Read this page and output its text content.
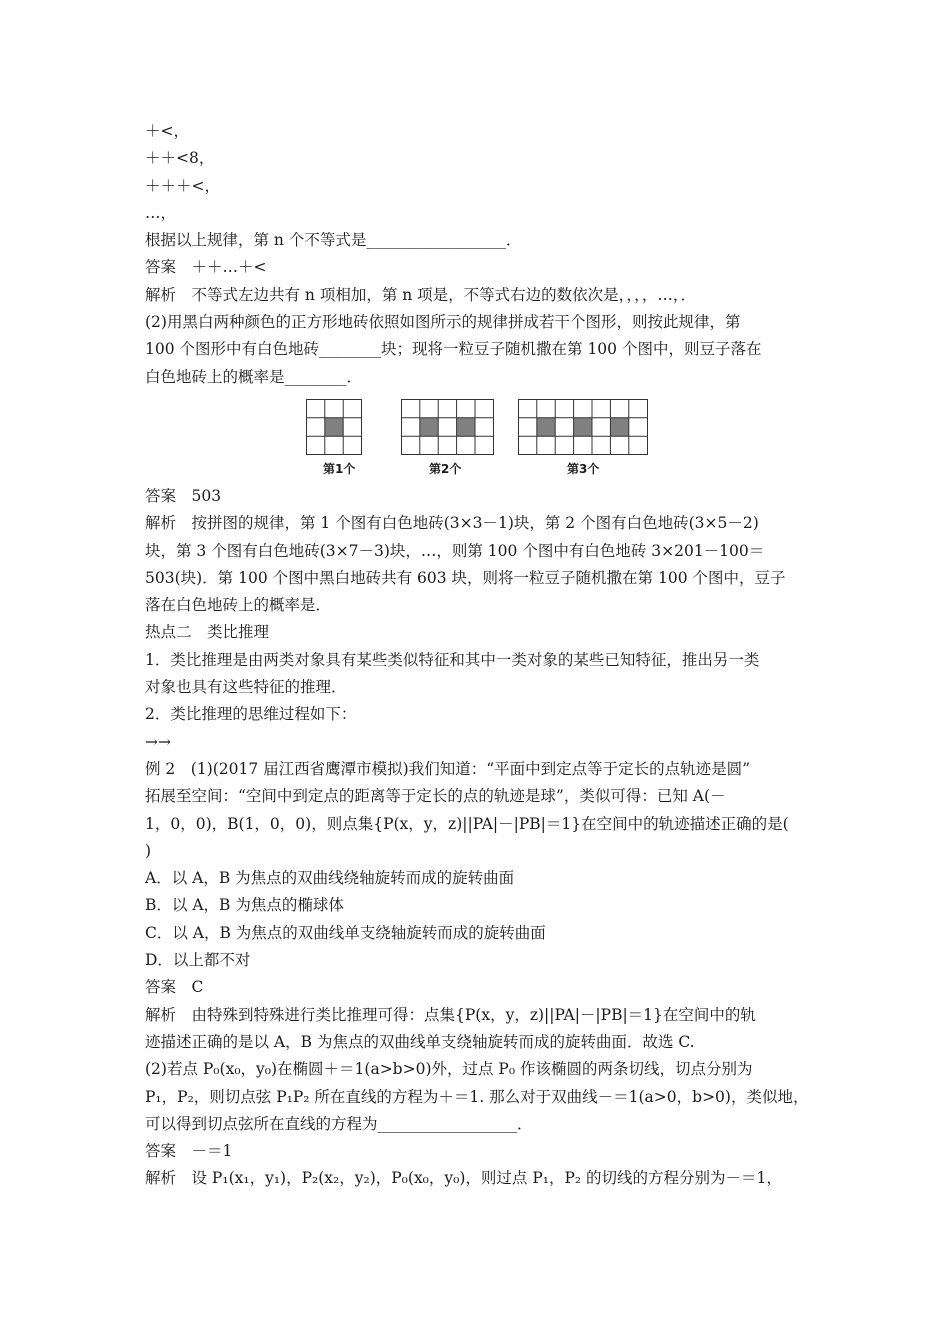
＋<，
＋＋<8，
＋＋＋<，
…，
根据以上规律，第 n 个不等式是__________________．
答案　＋＋…＋<
解析　不等式左边共有 n 项相加，第 n 项是，不等式右边的数依次是，，，，…，．
(2)用黑白两种颜色的正方形地砖依照如图所示的规律拼成若干个图形，则按此规律，第
100 个图形中有白色地砖________块；现将一粒豆子随机撒在第 100 个图中，则豆子落在
白色地砖上的概率是________．
第1个	第2个	第3个
答案　503
解析　按拼图的规律，第 1 个图有白色地砖(3×3－1)块，第 2 个图有白色地砖(3×5－2)
块，第 3 个图有白色地砖(3×7－3)块，…，则第 100 个图中有白色地砖 3×201－100＝
503(块)．第 100 个图中黑白地砖共有 603 块，则将一粒豆子随机撒在第 100 个图中，豆子
落在白色地砖上的概率是．
热点二　类比推理
1．类比推理是由两类对象具有某些类似特征和其中一类对象的某些已知特征，推出另一类
对象也具有这些特征的推理．
2．类比推理的思维过程如下：
→→
例 2　(1)(2017 届江西省鹰潭市模拟)我们知道：“平面中到定点等于定长的点轨迹是圆”
拓展至空间：“空间中到定点的距离等于定长的点的轨迹是球”，类似可得：已知 A(－
1，0，0)，B(1，0，0)，则点集{P(x，y，z)||PA|－|PB|＝1}在空间中的轨迹描述正确的是(
)
A．以 A，B 为焦点的双曲线绕轴旋转而成的旋转曲面
B．以 A，B 为焦点的椭球体
C．以 A，B 为焦点的双曲线单支绕轴旋转而成的旋转曲面
D．以上都不对
答案　C
解析　由特殊到特殊进行类比推理可得：点集{P(x，y，z)||PA|－|PB|＝1}在空间中的轨
迹描述正确的是以 A，B 为焦点的双曲线单支绕轴旋转而成的旋转曲面．故选 C.
(2)若点 P₀(x₀，y₀)在椭圆＋＝1(a>b>0)外，过点 P₀ 作该椭圆的两条切线，切点分别为
P₁，P₂，则切点弦 P₁P₂ 所在直线的方程为＋＝1. 那么对于双曲线－＝1(a>0，b>0)，类似地，
可以得到切点弦所在直线的方程为__________________．
答案　－＝1
解析　设 P₁(x₁，y₁)，P₂(x₂，y₂)，P₀(x₀，y₀)，则过点 P₁，P₂ 的切线的方程分别为－＝1，
